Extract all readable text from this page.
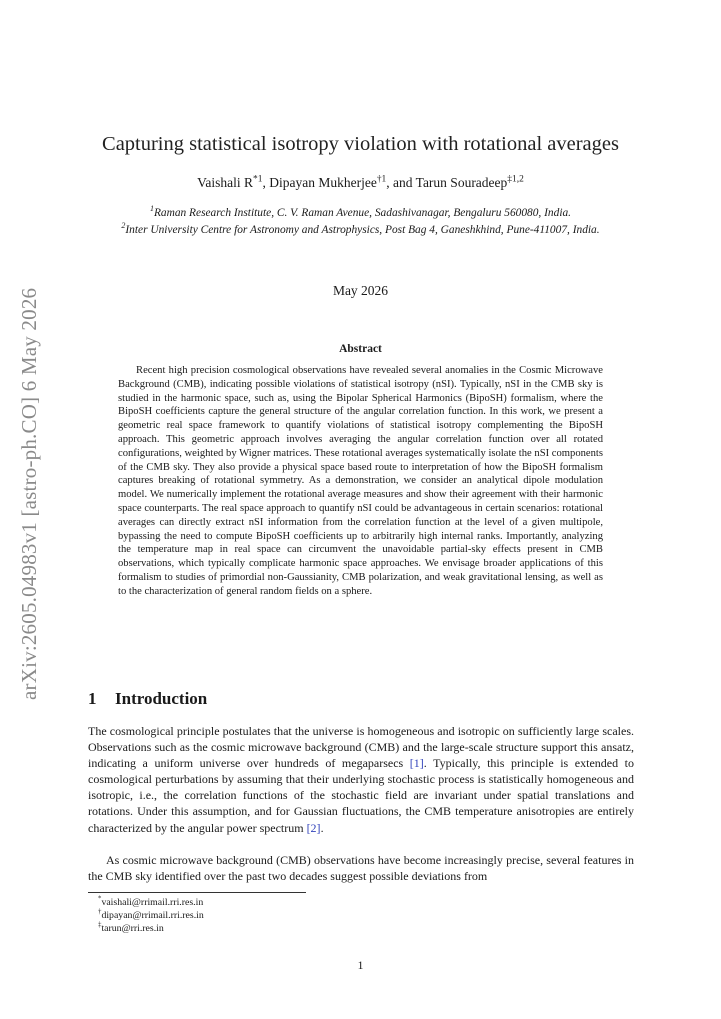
arXiv:2605.04983v1 [astro-ph.CO] 6 May 2026
Capturing statistical isotropy violation with rotational averages
Vaishali $R^{*1}$, Dipayan Mukherjee$^{\dagger 1}$, and Tarun Souradeep$^{\ddagger 1,2}$
$^1$Raman Research Institute, C. V. Raman Avenue, Sadashivanagar, Bengaluru 560080, India.
$^2$Inter University Centre for Astronomy and Astrophysics, Post Bag 4, Ganeshkhind, Pune-411007, India.
May 2026
Abstract

Recent high precision cosmological observations have revealed several anomalies in the Cosmic Microwave Background (CMB), indicating possible violations of statistical isotropy (nSI). Typically, nSI in the CMB sky is studied in the harmonic space, such as, using the Bipolar Spherical Harmonics (BipoSH) formalism, where the BipoSH coefficients capture the general structure of the angular correlation function. In this work, we present a geometric real space framework to quantify violations of statistical isotropy complementing the BipoSH approach. This geometric approach involves averaging the angular correlation function over all rotated configurations, weighted by Wigner matrices. These rotational averages systematically isolate the nSI components of the CMB sky. They also provide a physical space based route to interpretation of how the BipoSH formalism captures breaking of rotational symmetry. As a demonstration, we consider an analytical dipole modulation model. We numerically implement the rotational average measures and show their agreement with their harmonic space counterparts. The real space approach to quantify nSI could be advantageous in certain scenarios: rotational averages can directly extract nSI information from the correlation function at the level of a given multipole, bypassing the need to compute BipoSH coefficients up to arbitrarily high internal ranks. Importantly, analyzing the temperature map in real space can circumvent the unavoidable partial-sky effects present in CMB observations, which typically complicate harmonic space approaches. We envisage broader applications of this formalism to studies of primordial non-Gaussianity, CMB polarization, and weak gravitational lensing, as well as to the characterization of general random fields on a sphere.

1 Introduction

The cosmological principle postulates that the universe is homogeneous and isotropic on sufficiently large scales. Observations such as the cosmic microwave background (CMB) and the large-scale structure support this ansatz, indicating a uniform universe over hundreds of megaparsecs [1]. Typically, this principle is extended to cosmological perturbations by assuming that their underlying stochastic process is statistically homogeneous and isotropic, i.e., the correlation functions of the stochastic field are invariant under spatial translations and rotations. Under this assumption, and for Gaussian fluctuations, the CMB temperature anisotropies are entirely characterized by the angular power spectrum [2].

As cosmic microwave background (CMB) observations have become increasingly precise, several features in the CMB sky identified over the past two decades suggest possible deviations from

*vaishali@rrimail.rri.res.in
†dipayan@rrimail.rri.res.in
‡tarun@rri.res.in
1
